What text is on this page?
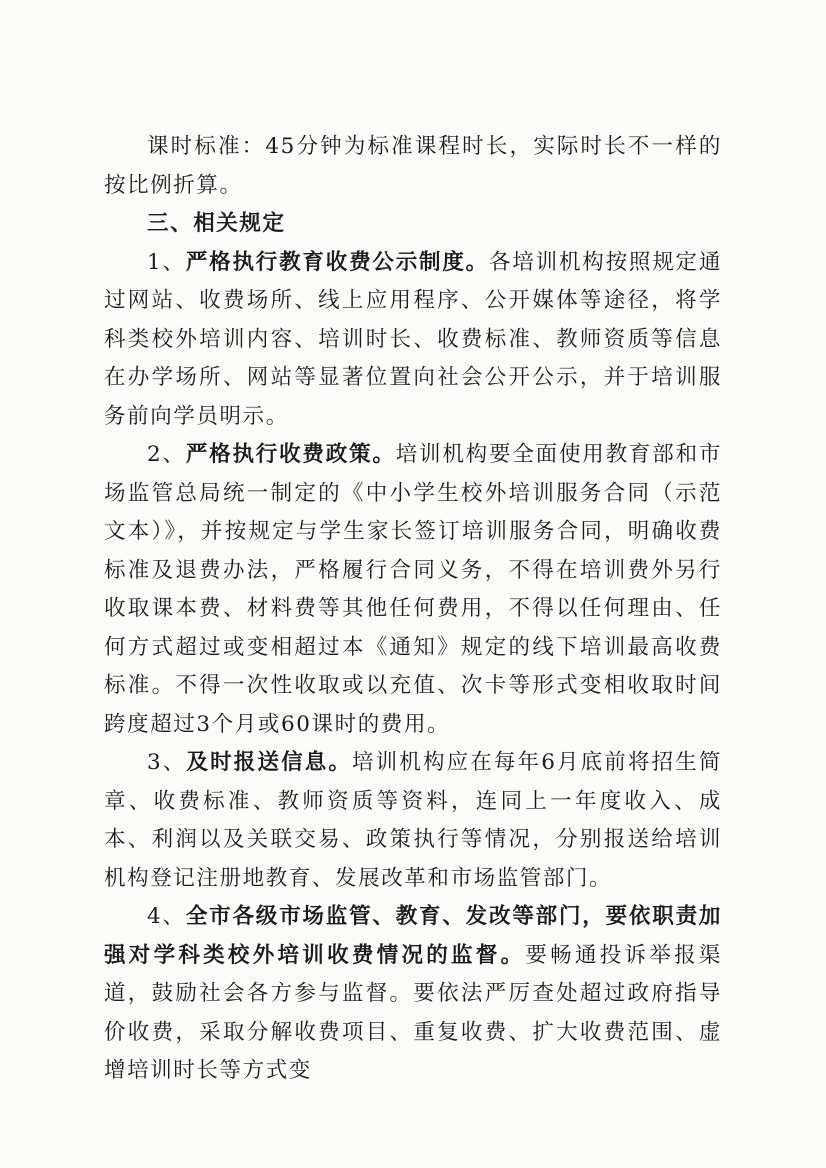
课时标准：45分钟为标准课程时长，实际时长不一样的按比例折算。

三、相关规定

1、严格执行教育收费公示制度。各培训机构按照规定通过网站、收费场所、线上应用程序、公开媒体等途径，将学科类校外培训内容、培训时长、收费标准、教师资质等信息在办学场所、网站等显著位置向社会公开公示，并于培训服务前向学员明示。

2、严格执行收费政策。培训机构要全面使用教育部和市场监管总局统一制定的《中小学生校外培训服务合同（示范文本）》，并按规定与学生家长签订培训服务合同，明确收费标准及退费办法，严格履行合同义务，不得在培训费外另行收取课本费、材料费等其他任何费用，不得以任何理由、任何方式超过或变相超过本《通知》规定的线下培训最高收费标准。不得一次性收取或以充值、次卡等形式变相收取时间跨度超过3个月或60课时的费用。

3、及时报送信息。培训机构应在每年6月底前将招生简章、收费标准、教师资质等资料，连同上一年度收入、成本、利润以及关联交易、政策执行等情况，分别报送给培训机构登记注册地教育、发展改革和市场监管部门。

4、全市各级市场监管、教育、发改等部门，要依职责加强对学科类校外培训收费情况的监督。要畅通投诉举报渠道，鼓励社会各方参与监督。要依法严厉查处超过政府指导价收费，采取分解收费项目、重复收费、扩大收费范围、虚增培训时长等方式变
